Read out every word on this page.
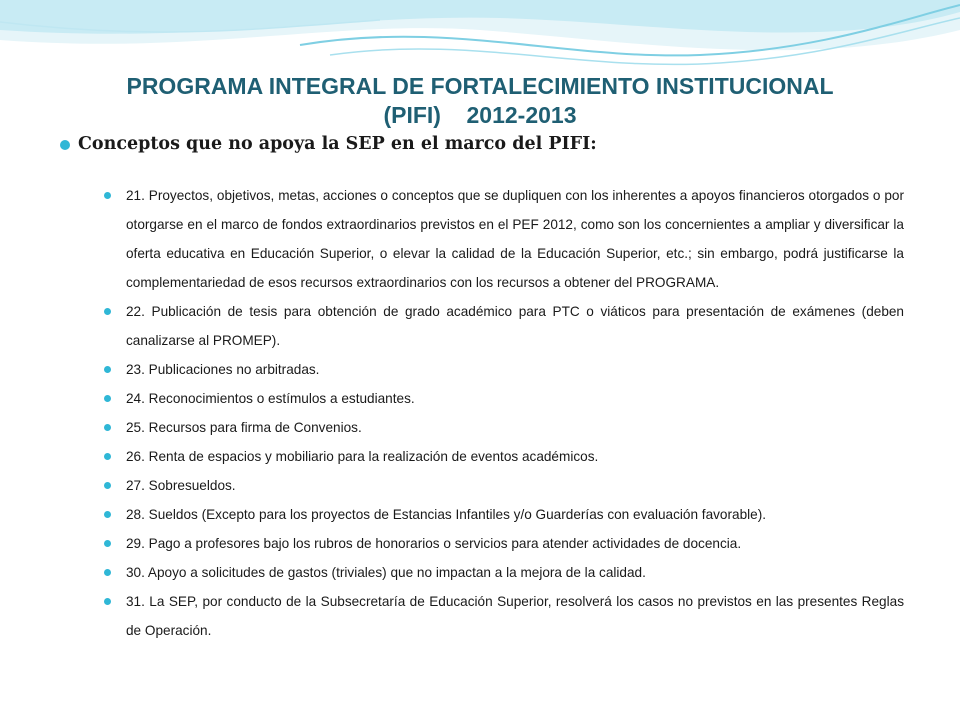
PROGRAMA INTEGRAL DE FORTALECIMIENTO INSTITUCIONAL
(PIFI)    2012-2013
Conceptos que no apoya la SEP en el marco del PIFI:
21. Proyectos, objetivos, metas, acciones o conceptos que se dupliquen con los inherentes a apoyos financieros otorgados o por otorgarse en el marco de fondos extraordinarios previstos en el PEF 2012, como son los concernientes a ampliar y diversificar la oferta educativa en Educación Superior, o elevar la calidad de la Educación Superior, etc.; sin embargo, podrá justificarse la complementariedad de esos recursos extraordinarios con los recursos a obtener del PROGRAMA.
22. Publicación de tesis para obtención de grado académico para PTC o viáticos para presentación de exámenes (deben canalizarse al PROMEP).
23. Publicaciones no arbitradas.
24. Reconocimientos o estímulos a estudiantes.
25. Recursos para firma de Convenios.
26. Renta de espacios y mobiliario para la realización de eventos académicos.
27. Sobresueldos.
28. Sueldos (Excepto para los proyectos de Estancias Infantiles y/o Guarderías con evaluación favorable).
29. Pago a profesores bajo los rubros de honorarios o servicios para atender actividades de docencia.
30. Apoyo a solicitudes de gastos (triviales) que no impactan a la mejora de la calidad.
31. La SEP, por conducto de la Subsecretaría de Educación Superior, resolverá los casos no previstos en las presentes Reglas de Operación.
